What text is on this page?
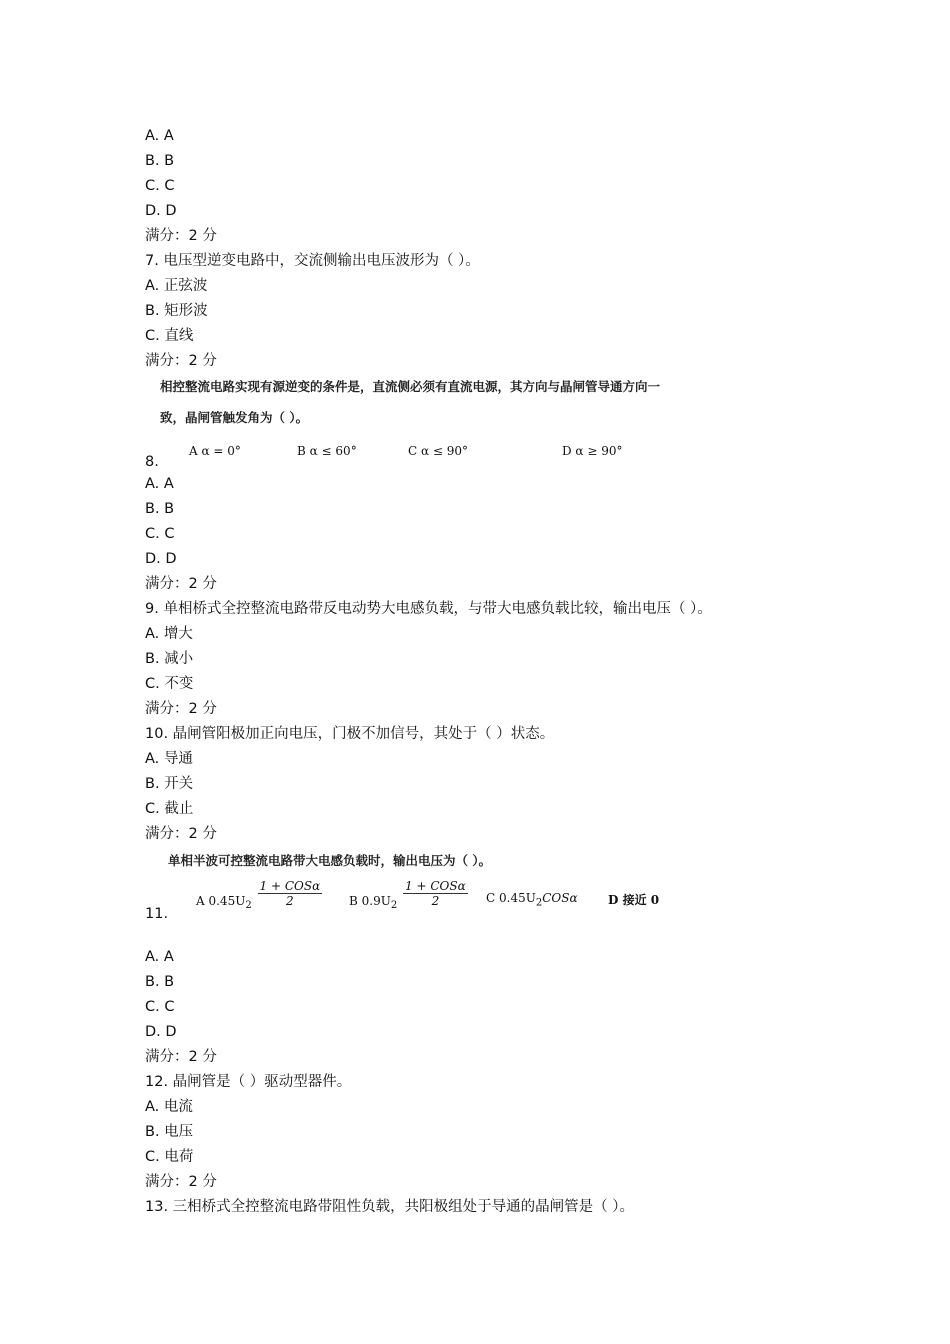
A. A
B. B
C. C
D. D
满分：2 分
7. 电压型逆变电路中，交流侧输出电压波形为（ ）。
A. 正弦波
B. 矩形波
C. 直线
满分：2 分
相控整流电路实现有源逆变的条件是，直流侧必须有直流电源，其方向与晶闸管导通方向一
致，晶闸管触发角为（ ）。
8.
A α = 0°	B α ≤ 60°	C α ≤ 90°	D α ≥ 90°
A. A
B. B
C. C
D. D
满分：2 分
9. 单相桥式全控整流电路带反电动势大电感负载，与带大电感负载比较，输出电压（ ）。
A. 增大
B. 减小
C. 不变
满分：2 分
10. 晶闸管阳极加正向电压，门极不加信号，其处于（ ）状态。
A. 导通
B. 开关
C. 截止
满分：2 分
单相半波可控整流电路带大电感负载时，输出电压为（ ）。
11.
A $0.45U_2 \frac{\text{1 + COSα}}{2}$ B $0.9U_2 \frac{\text{1 + COSα}}{2}$ C $0.45U_2COS\alpha$	D 接近 0
A. A
B. B
C. C
D. D
满分：2 分
12. 晶闸管是（ ）驱动型器件。
A. 电流
B. 电压
C. 电荷
满分：2 分
13. 三相桥式全控整流电路带阻性负载，共阳极组处于导通的晶闸管是（ ）。
